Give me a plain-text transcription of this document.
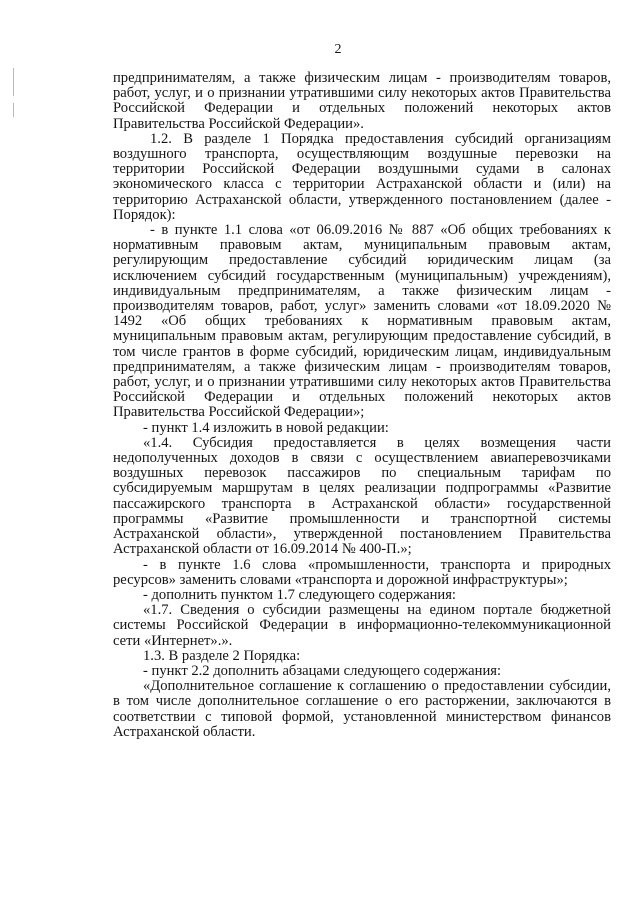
2

предпринимателям, а также физическим лицам - производителям товаров, работ, услуг, и о признании утратившими силу некоторых актов Правительства Российской Федерации и отдельных положений некоторых актов Правительства Российской Федерации».

1.2. В разделе 1 Порядка предоставления субсидий организациям воздушного транспорта, осуществляющим воздушные перевозки на территории Российской Федерации воздушными судами в салонах экономического класса с территории Астраханской области и (или) на территорию Астраханской области, утвержденного постановлением (далее - Порядок):

- в пункте 1.1 слова «от 06.09.2016 № 887 «Об общих требованиях к нормативным правовым актам, муниципальным правовым актам, регулирующим предоставление субсидий юридическим лицам (за исключением субсидий государственным (муниципальным) учреждениям), индивидуальным предпринимателям, а также физическим лицам - производителям товаров, работ, услуг» заменить словами «от 18.09.2020 № 1492 «Об общих требованиях к нормативным правовым актам, муниципальным правовым актам, регулирующим предоставление субсидий, в том числе грантов в форме субсидий, юридическим лицам, индивидуальным предпринимателям, а также физическим лицам - производителям товаров, работ, услуг, и о признании утратившими силу некоторых актов Правительства Российской Федерации и отдельных положений некоторых актов Правительства Российской Федерации»;

- пункт 1.4 изложить в новой редакции:

«1.4. Субсидия предоставляется в целях возмещения части недополученных доходов в связи с осуществлением авиаперевозчиками воздушных перевозок пассажиров по специальным тарифам по субсидируемым маршрутам в целях реализации подпрограммы «Развитие пассажирского транспорта в Астраханской области» государственной программы «Развитие промышленности и транспортной системы Астраханской области», утвержденной постановлением Правительства Астраханской области от 16.09.2014 № 400-П.»;

- в пункте 1.6 слова «промышленности, транспорта и природных ресурсов» заменить словами «транспорта и дорожной инфраструктуры»;

- дополнить пунктом 1.7 следующего содержания:

«1.7. Сведения о субсидии размещены на едином портале бюджетной системы Российской Федерации в информационно-телекоммуникационной сети «Интернет».».

1.3. В разделе 2 Порядка:

- пункт 2.2 дополнить абзацами следующего содержания:

«Дополнительное соглашение к соглашению о предоставлении субсидии, в том числе дополнительное соглашение о его расторжении, заключаются в соответствии с типовой формой, установленной министерством финансов Астраханской области.
